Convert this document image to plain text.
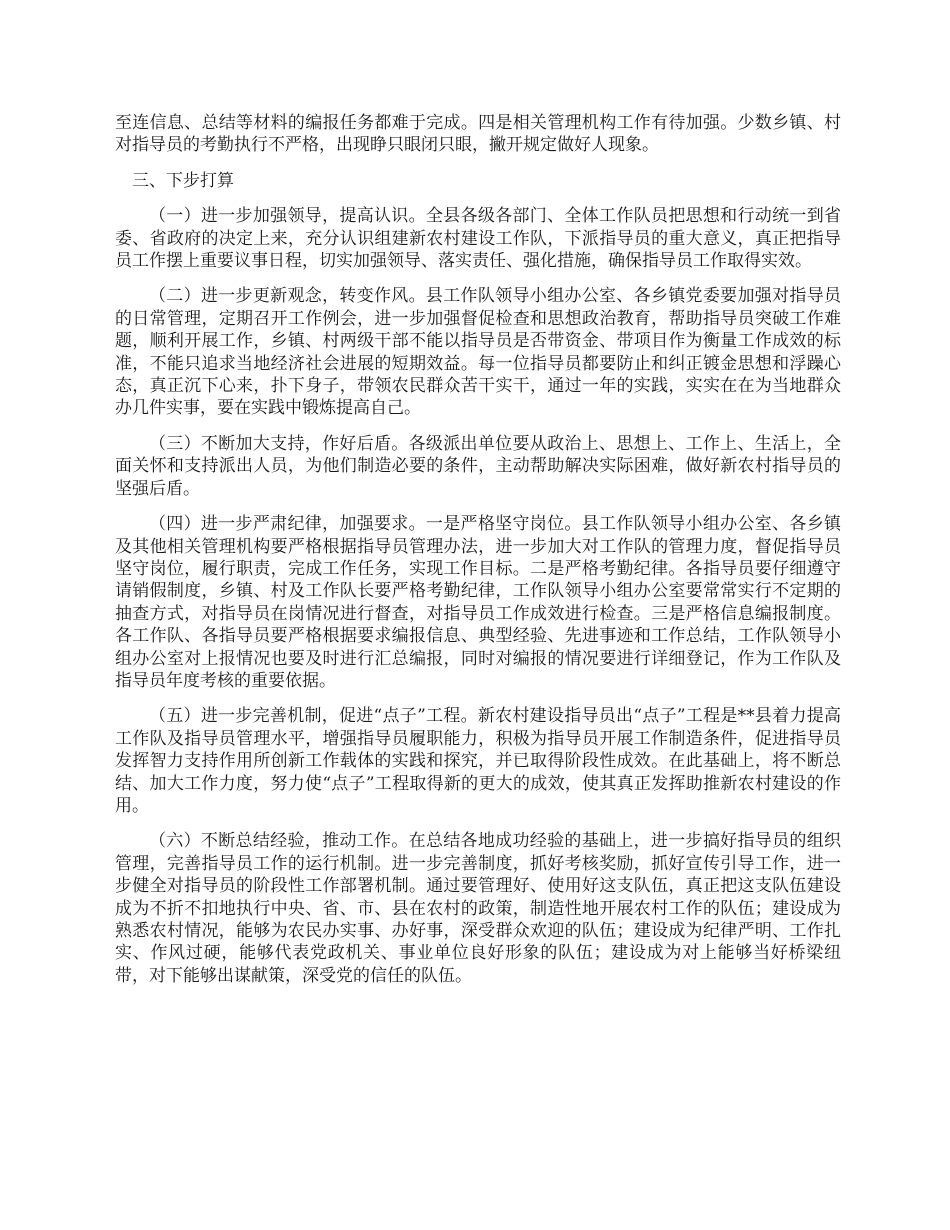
至连信息、总结等材料的编报任务都难于完成。四是相关管理机构工作有待加强。少数乡镇、村对指导员的考勤执行不严格，出现睁只眼闭只眼，撇开规定做好人现象。

三、下步打算

（一）进一步加强领导，提高认识。全县各级各部门、全体工作队员把思想和行动统一到省委、省政府的决定上来，充分认识组建新农村建设工作队，下派指导员的重大意义，真正把指导员工作摆上重要议事日程，切实加强领导、落实责任、强化措施，确保指导员工作取得实效。

（二）进一步更新观念，转变作风。县工作队领导小组办公室、各乡镇党委要加强对指导员的日常管理，定期召开工作例会，进一步加强督促检查和思想政治教育，帮助指导员突破工作难题，顺利开展工作，乡镇、村两级干部不能以指导员是否带资金、带项目作为衡量工作成效的标准，不能只追求当地经济社会进展的短期效益。每一位指导员都要防止和纠正镀金思想和浮躁心态，真正沉下心来，扑下身子，带领农民群众苦干实干，通过一年的实践，实实在在为当地群众办几件实事，要在实践中锻炼提高自己。

（三）不断加大支持，作好后盾。各级派出单位要从政治上、思想上、工作上、生活上，全面关怀和支持派出人员，为他们制造必要的条件，主动帮助解决实际困难，做好新农村指导员的坚强后盾。

（四）进一步严肃纪律，加强要求。一是严格坚守岗位。县工作队领导小组办公室、各乡镇及其他相关管理机构要严格根据指导员管理办法，进一步加大对工作队的管理力度，督促指导员坚守岗位，履行职责，完成工作任务，实现工作目标。二是严格考勤纪律。各指导员要仔细遵守请销假制度，乡镇、村及工作队长要严格考勤纪律，工作队领导小组办公室要常常实行不定期的抽查方式，对指导员在岗情况进行督查，对指导员工作成效进行检查。三是严格信息编报制度。各工作队、各指导员要严格根据要求编报信息、典型经验、先进事迹和工作总结，工作队领导小组办公室对上报情况也要及时进行汇总编报，同时对编报的情况要进行详细登记，作为工作队及指导员年度考核的重要依据。

（五）进一步完善机制，促进“点子”工程。新农村建设指导员出“点子”工程是**县着力提高工作队及指导员管理水平，增强指导员履职能力，积极为指导员开展工作制造条件，促进指导员发挥智力支持作用所创新工作载体的实践和探究，并已取得阶段性成效。在此基础上，将不断总结、加大工作力度，努力使“点子”工程取得新的更大的成效，使其真正发挥助推新农村建设的作用。

（六）不断总结经验，推动工作。在总结各地成功经验的基础上，进一步搞好指导员的组织管理，完善指导员工作的运行机制。进一步完善制度，抓好考核奖励，抓好宣传引导工作，进一步健全对指导员的阶段性工作部署机制。通过要管理好、使用好这支队伍，真正把这支队伍建设成为不折不扣地执行中央、省、市、县在农村的政策，制造性地开展农村工作的队伍；建设成为熟悉农村情况，能够为农民办实事、办好事，深受群众欢迎的队伍；建设成为纪律严明、工作扎实、作风过硬，能够代表党政机关、事业单位良好形象的队伍；建设成为对上能够当好桥梁纽带，对下能够出谋献策，深受党的信任的队伍。
